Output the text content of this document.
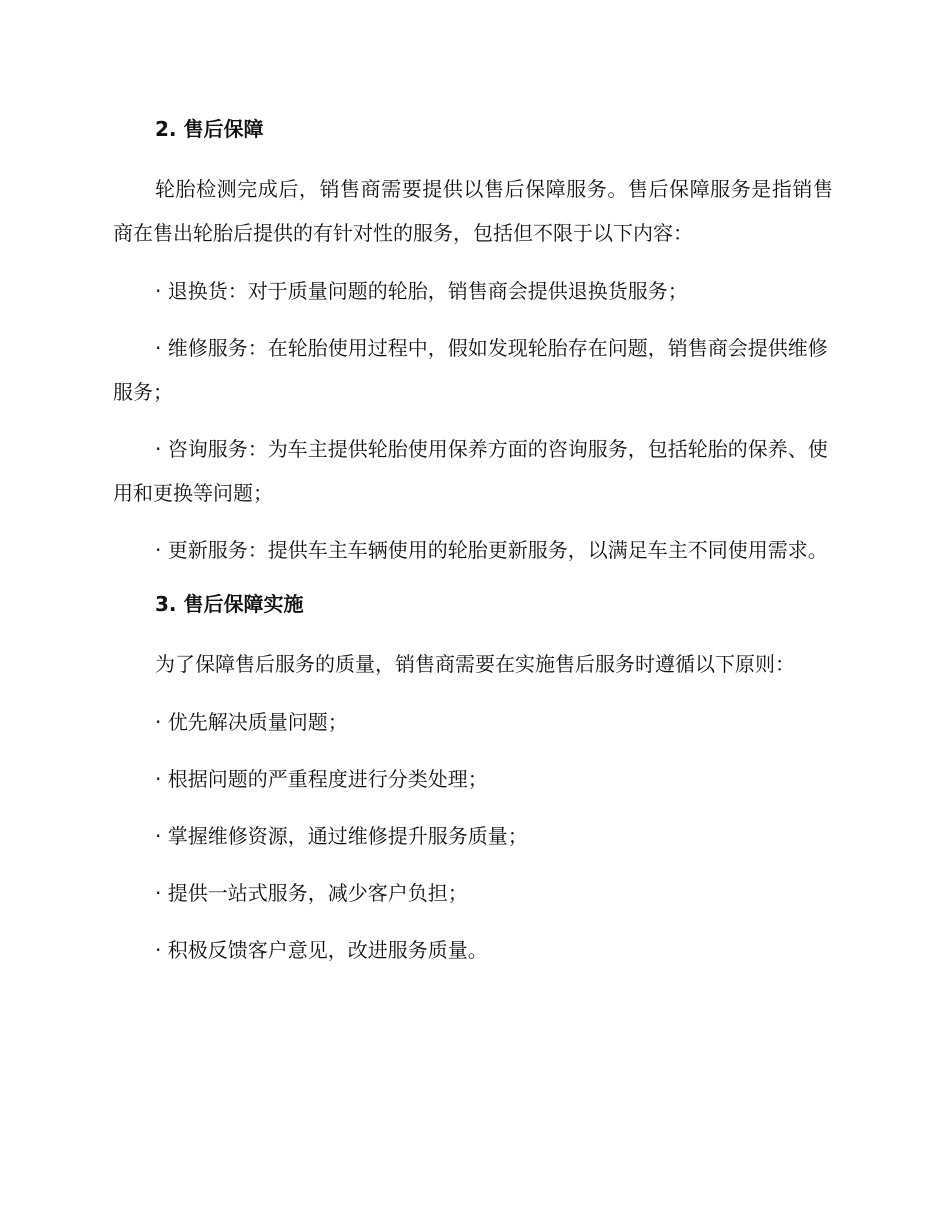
2. 售后保障

轮胎检测完成后，销售商需要提供以售后保障服务。售后保障服务是指销售商在售出轮胎后提供的有针对性的服务，包括但不限于以下内容：

· 退换货：对于质量问题的轮胎，销售商会提供退换货服务；

· 维修服务：在轮胎使用过程中，假如发现轮胎存在问题，销售商会提供维修服务；

· 咨询服务：为车主提供轮胎使用保养方面的咨询服务，包括轮胎的保养、使用和更换等问题；

· 更新服务：提供车主车辆使用的轮胎更新服务，以满足车主不同使用需求。

3. 售后保障实施

为了保障售后服务的质量，销售商需要在实施售后服务时遵循以下原则：

· 优先解决质量问题；

· 根据问题的严重程度进行分类处理；

· 掌握维修资源，通过维修提升服务质量；

· 提供一站式服务，减少客户负担；

· 积极反馈客户意见，改进服务质量。
